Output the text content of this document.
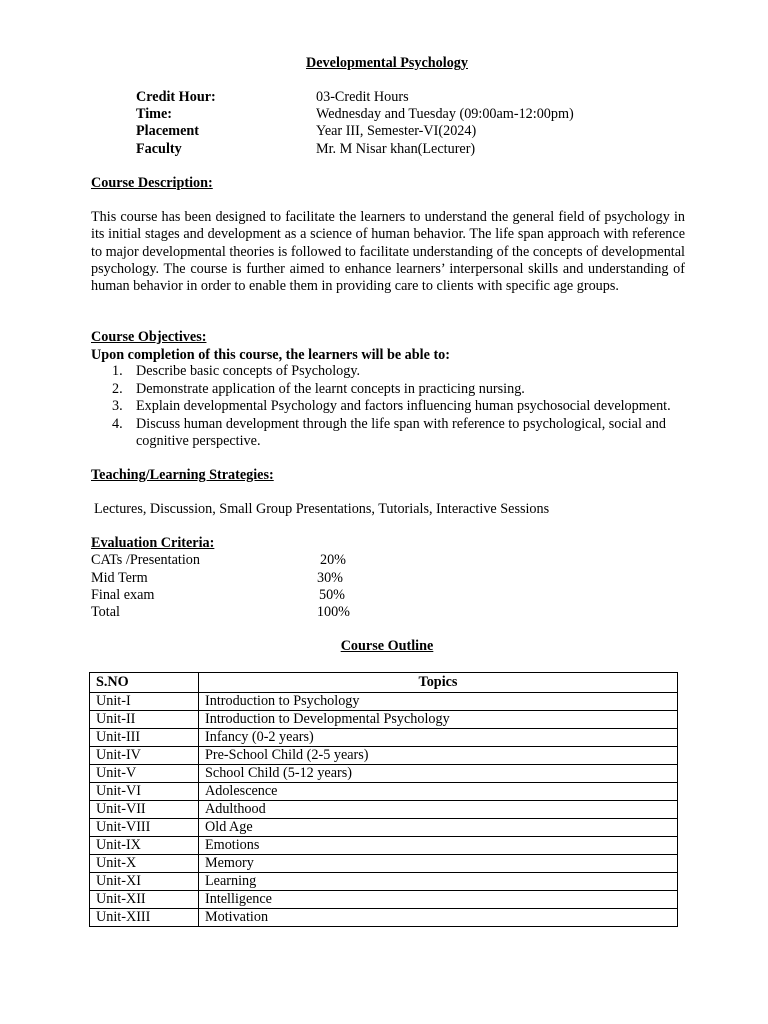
Developmental Psychology
Credit Hour:	03-Credit Hours
Time:	Wednesday and Tuesday (09:00am-12:00pm)
Placement	Year III, Semester-VI(2024)
Faculty	Mr. M Nisar khan(Lecturer)
Course Description:
This course has been designed to facilitate the learners to understand the general field of psychology in its initial stages and development as a science of human behavior. The life span approach with reference to major developmental theories is followed to facilitate understanding of the concepts of developmental psychology. The course is further aimed to enhance learners’ interpersonal skills and understanding of human behavior in order to enable them in providing care to clients with specific age groups.
Course Objectives:
Upon completion of this course, the learners will be able to:
1. Describe basic concepts of Psychology.
2. Demonstrate application of the learnt concepts in practicing nursing.
3. Explain developmental Psychology and factors influencing human psychosocial development.
4. Discuss human development through the life span with reference to psychological, social and cognitive perspective.
Teaching/Learning Strategies:
Lectures, Discussion, Small Group Presentations, Tutorials, Interactive Sessions
Evaluation Criteria:
CATs /Presentation	20%
Mid Term	30%
Final exam	50%
Total	100%
Course Outline
S.NO	Topics
Unit-I	Introduction to Psychology
Unit-II	Introduction to Developmental Psychology
Unit-III	Infancy (0-2 years)
Unit-IV	Pre-School Child (2-5 years)
Unit-V	School Child (5-12 years)
Unit-VI	Adolescence
Unit-VII	Adulthood
Unit-VIII	Old Age
Unit-IX	Emotions
Unit-X	Memory
Unit-XI	Learning
Unit-XII	Intelligence
Unit-XIII	Motivation
